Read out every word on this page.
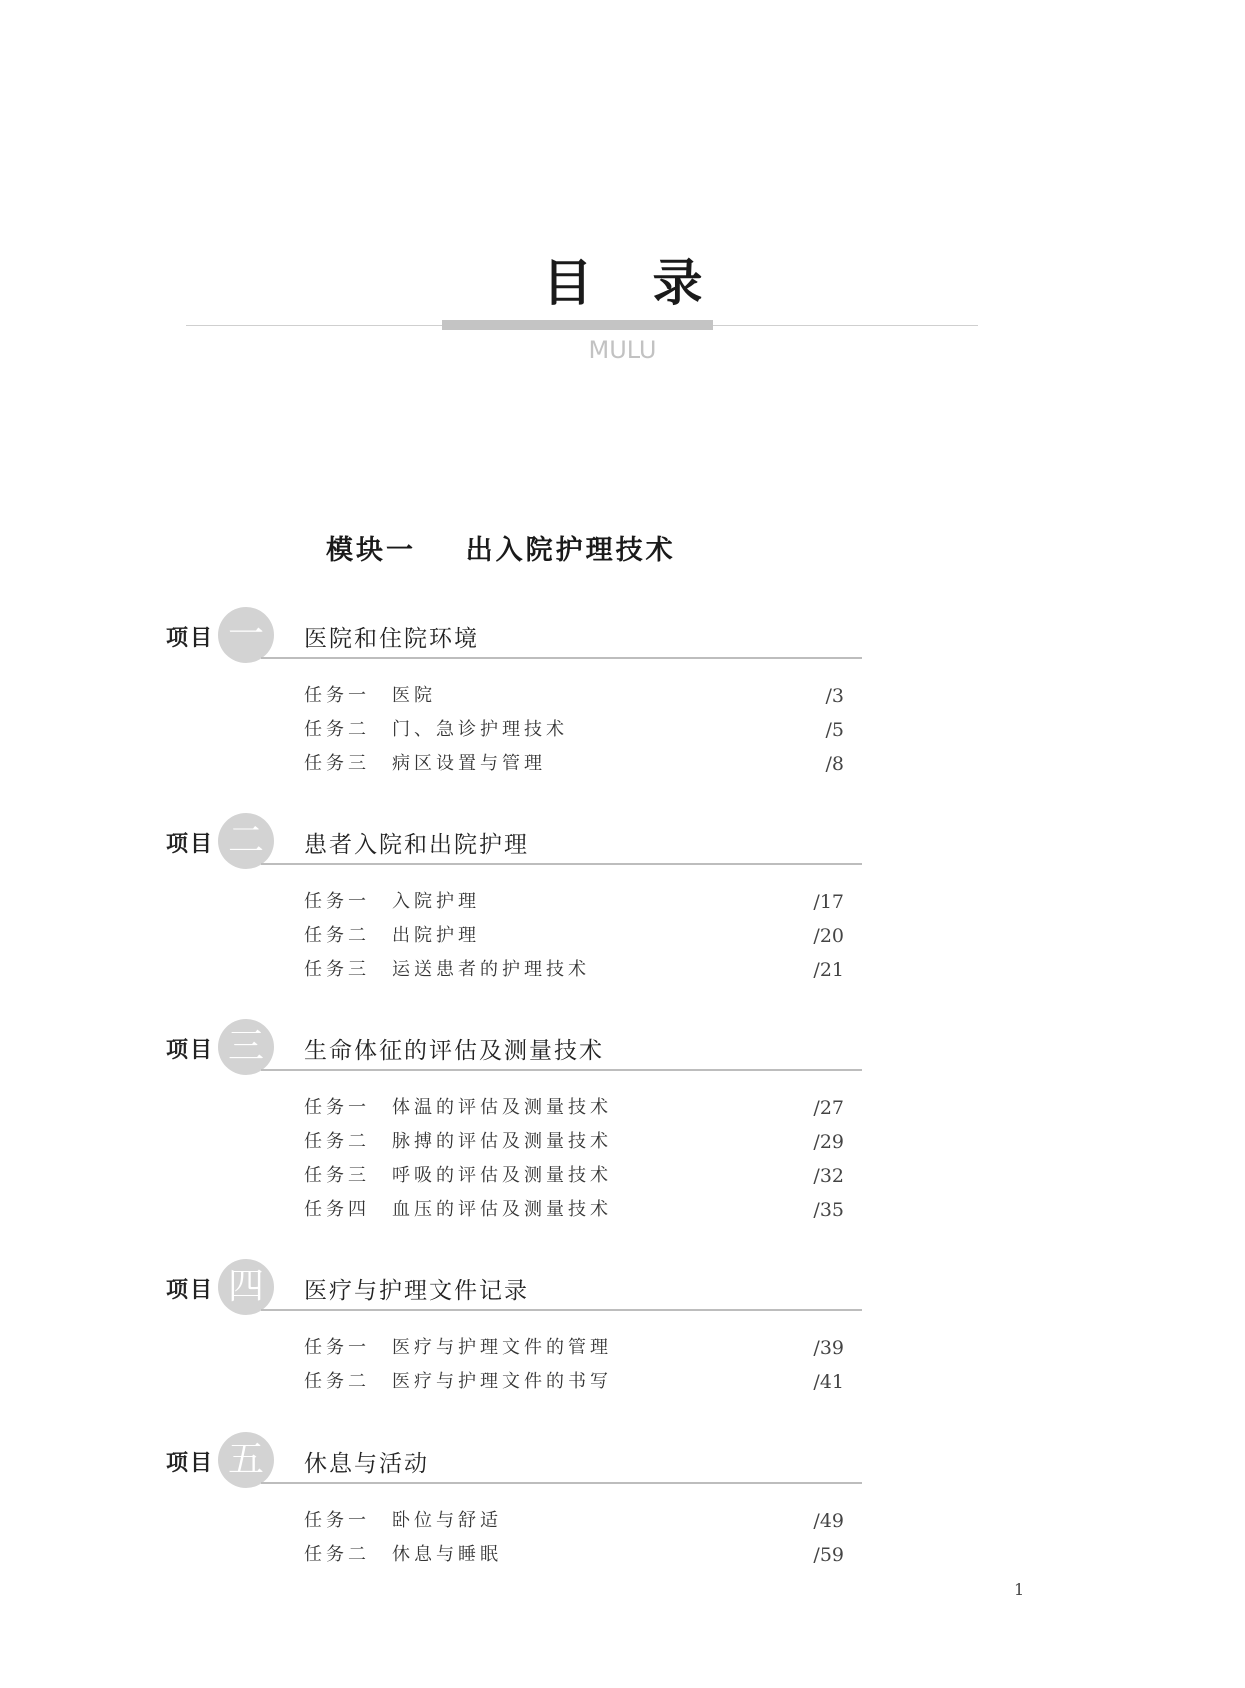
目录
MULU
模块一 出入院护理技术
项目 一	医院和住院环境
任务一 医院	/3
任务二 门、急诊护理技术	/5
任务三 病区设置与管理	/8
项目 二	患者入院和出院护理
任务一 入院护理	/17
任务二 出院护理	/20
任务三 运送患者的护理技术	/21
项目 三	生命体征的评估及测量技术
任务一 体温的评估及测量技术	/27
任务二 脉搏的评估及测量技术	/29
任务三 呼吸的评估及测量技术	/32
任务四 血压的评估及测量技术	/35
项目 四	医疗与护理文件记录
任务一 医疗与护理文件的管理	/39
任务二 医疗与护理文件的书写	/41
项目 五	休息与活动
任务一 卧位与舒适	/49
任务二 休息与睡眠	/59
1
